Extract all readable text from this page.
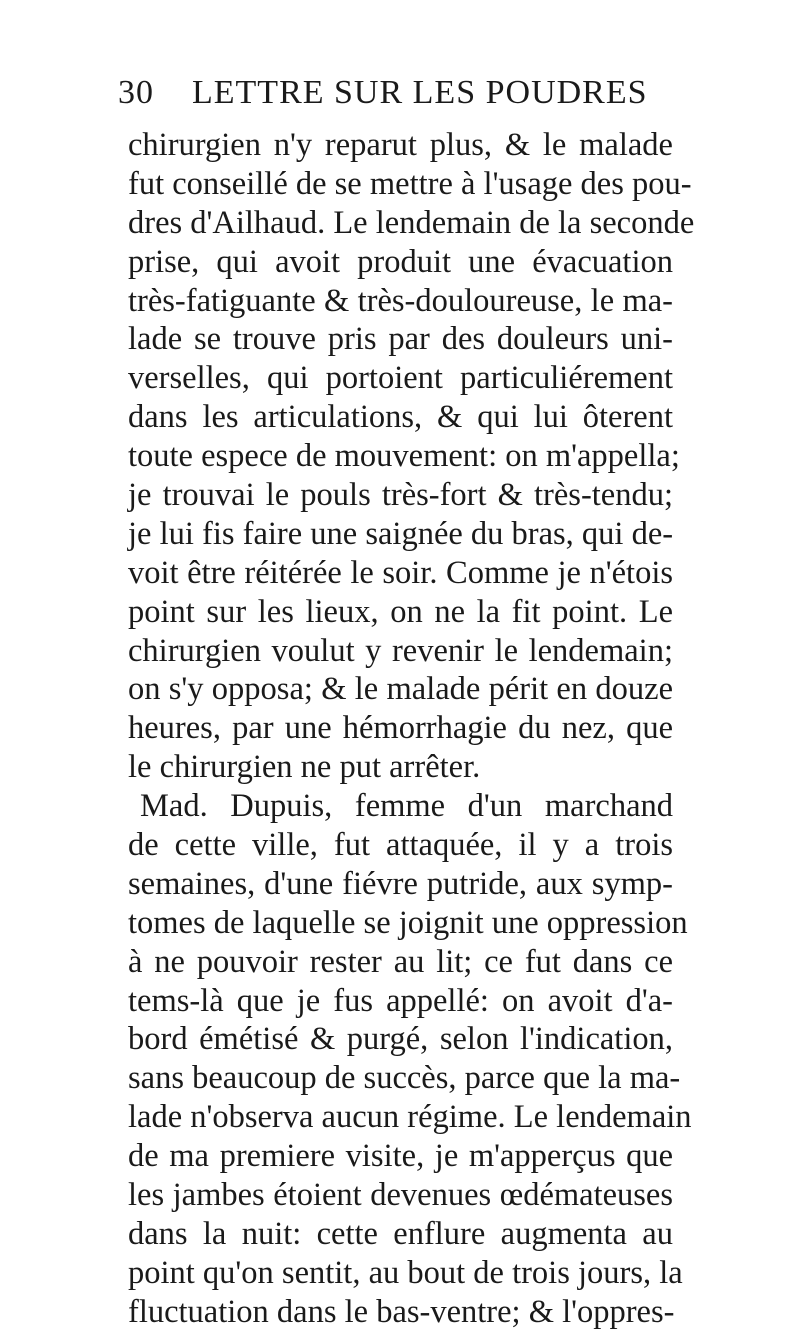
30 LETTRE SUR LES POUDRES
chirurgien n'y reparut plus, & le malade
fut conseillé de se mettre à l'usage des pou-
dres d'Ailhaud. Le lendemain de la seconde
prise, qui avoit produit une évacuation
très-fatiguante & très-douloureuse, le ma-
lade se trouve pris par des douleurs uni-
verselles, qui portoient particuliérement
dans les articulations, & qui lui ôterent
toute espece de mouvement: on m'appella;
je trouvai le pouls très-fort & très-tendu;
je lui fis faire une saignée du bras, qui de-
voit être réitérée le soir. Comme je n'étois
point sur les lieux, on ne la fit point. Le
chirurgien voulut y revenir le lendemain;
on s'y opposa; & le malade périt en douze
heures, par une hémorrhagie du nez, que
le chirurgien ne put arrêter.
Mad. Dupuis, femme d'un marchand
de cette ville, fut attaquée, il y a trois
semaines, d'une fiévre putride, aux symp-
tomes de laquelle se joignit une oppression
à ne pouvoir rester au lit; ce fut dans ce
tems-là que je fus appellé: on avoit d'a-
bord émétisé & purgé, selon l'indication,
sans beaucoup de succès, parce que la ma-
lade n'observa aucun régime. Le lendemain
de ma premiere visite, je m'apperçus que
les jambes étoient devenues œdémateuses
dans la nuit: cette enflure augmenta au
point qu'on sentit, au bout de trois jours, la
fluctuation dans le bas-ventre; & l'oppres-
